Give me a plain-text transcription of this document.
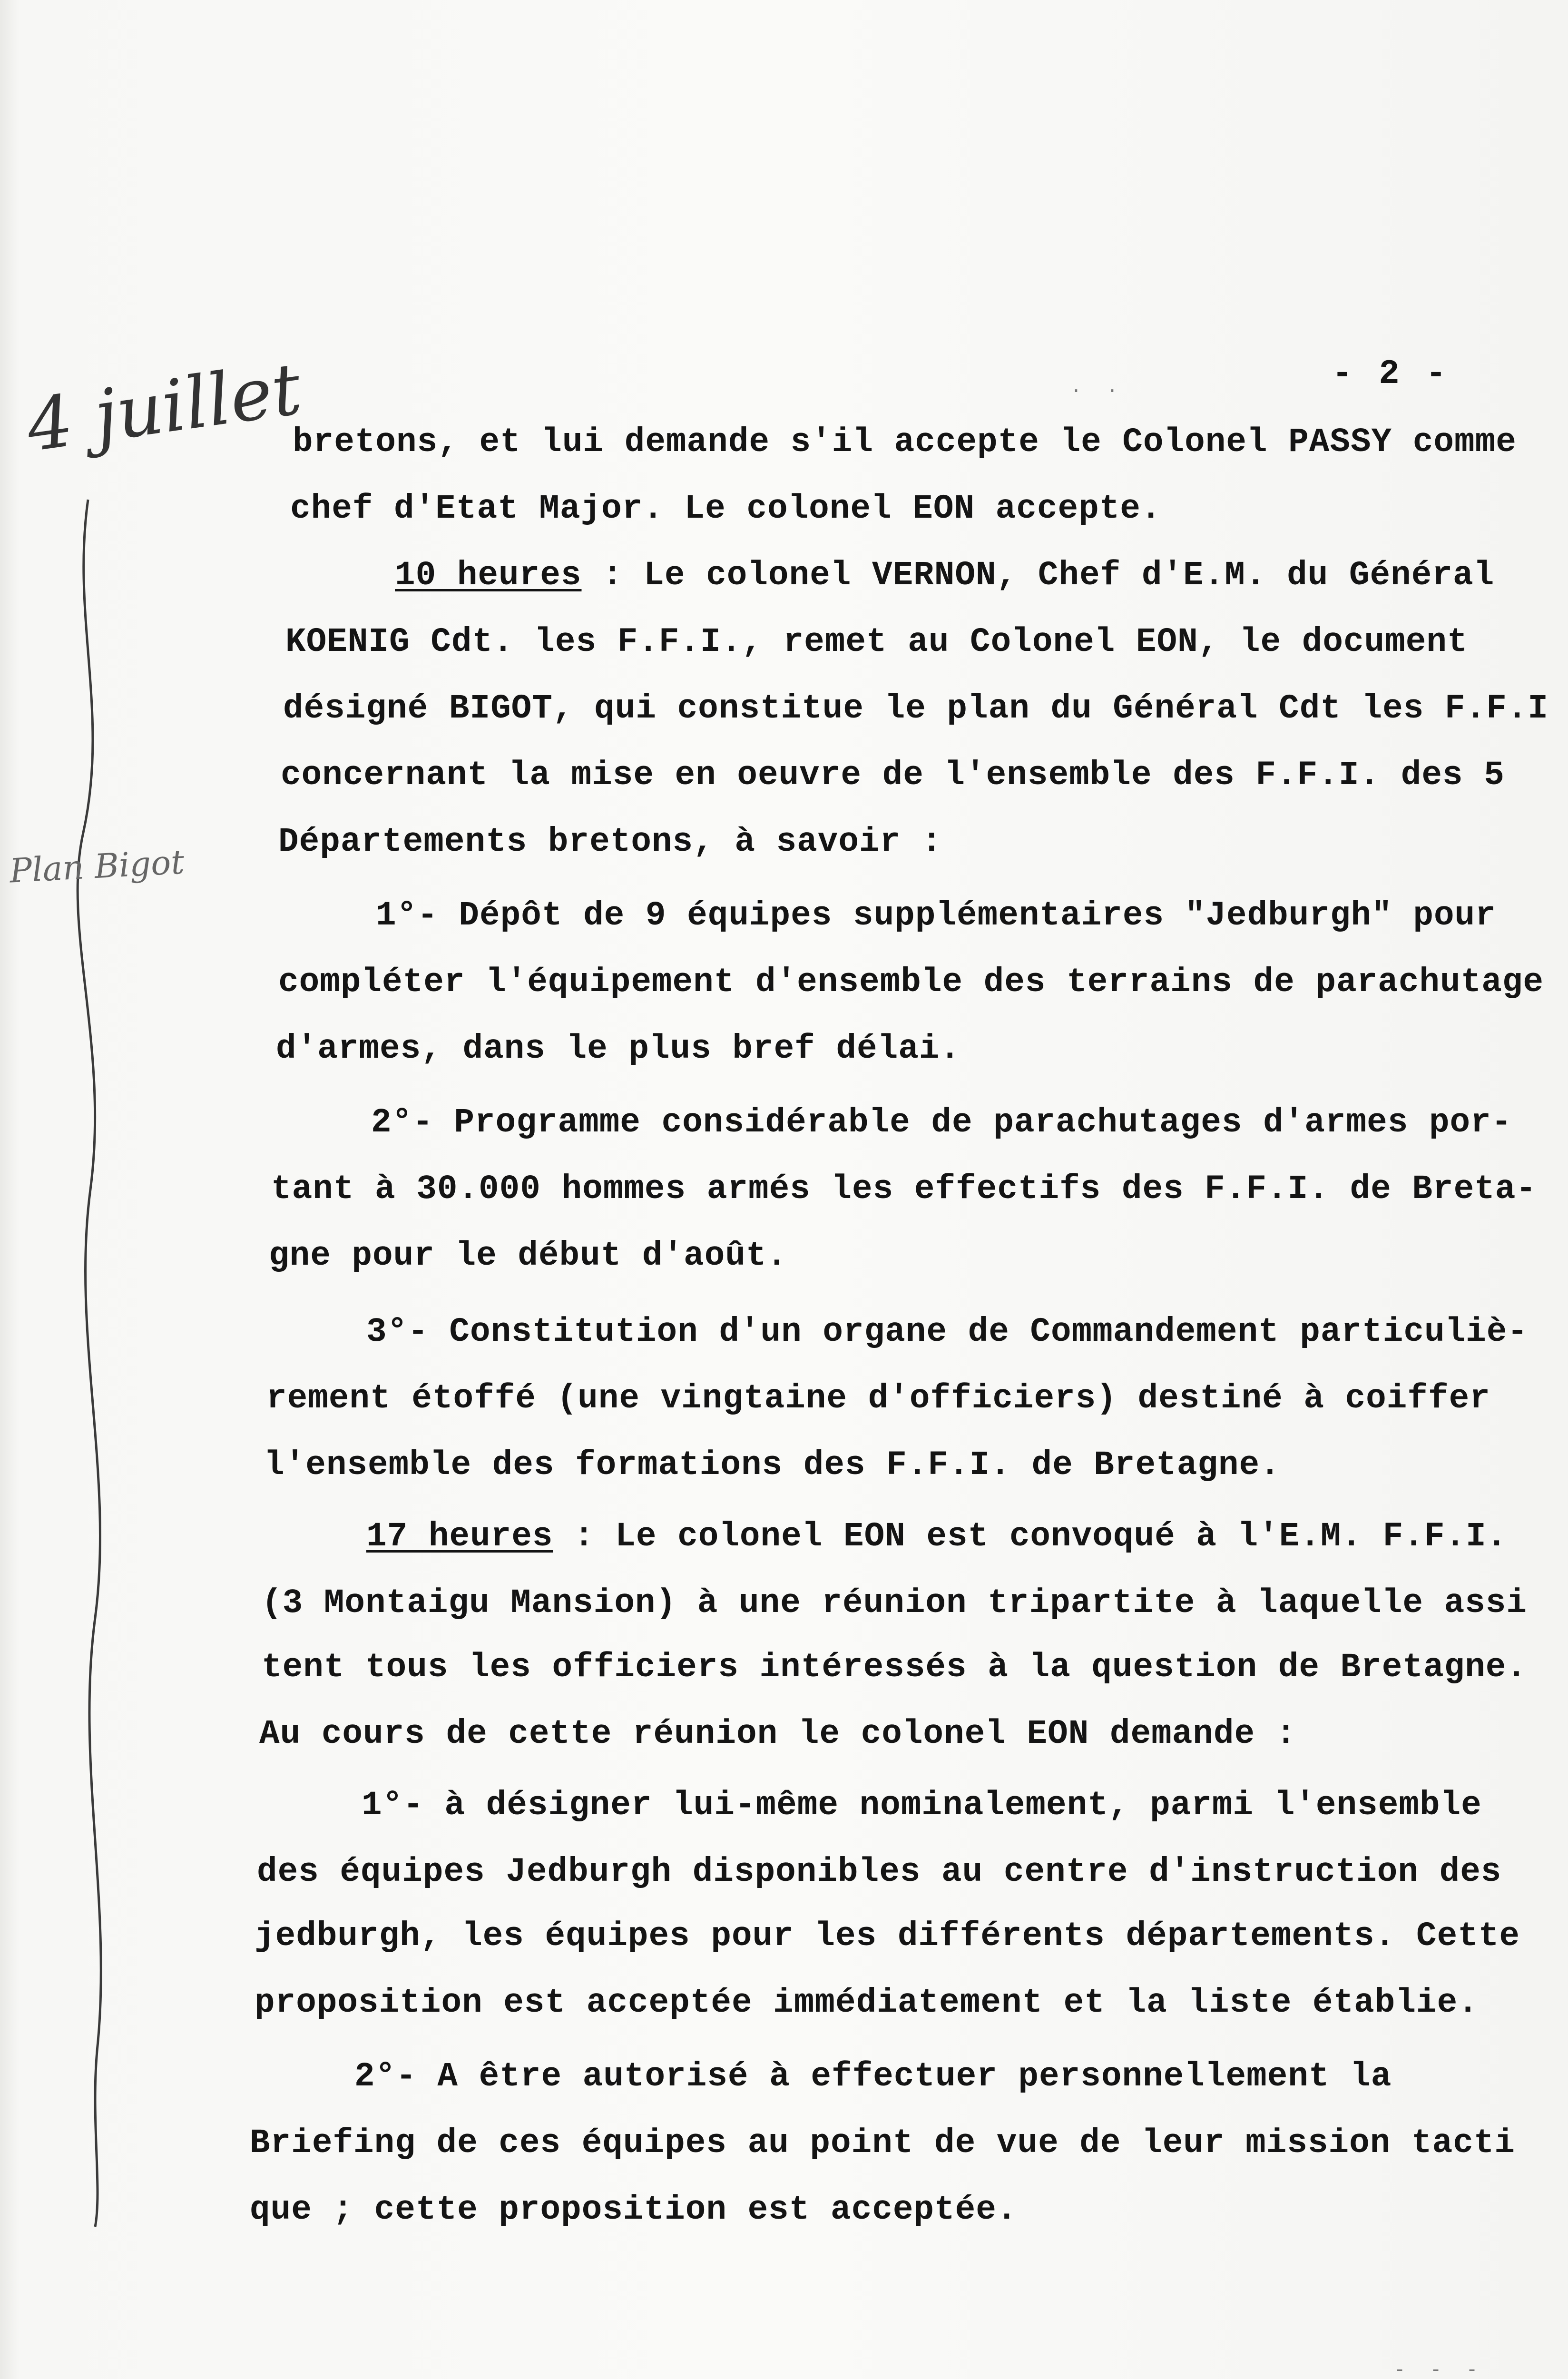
4 juillet
Plan Bigot
- 2 -
· ·
- - -
bretons, et lui demande s'il accepte le Colonel PASSY comme
chef d'Etat Major. Le colonel EON accepte.
10 heures : Le colonel VERNON, Chef d'E.M. du Général
KOENIG Cdt. les F.F.I., remet au Colonel EON, le document
désigné BIGOT, qui constitue le plan du Général Cdt les F.F.I
concernant la mise en oeuvre de l'ensemble des F.F.I. des 5
Départements bretons, à savoir :
1°- Dépôt de 9 équipes supplémentaires "Jedburgh" pour
compléter l'équipement d'ensemble des terrains de parachutage
d'armes, dans le plus bref délai.
2°- Programme considérable de parachutages d'armes por-
tant à 30.000 hommes armés les effectifs des F.F.I. de Breta-
gne pour le début d'août.
3°- Constitution d'un organe de Commandement particuliè-
rement étoffé (une vingtaine d'officiers) destiné à coiffer
l'ensemble des formations des F.F.I. de Bretagne.
17 heures : Le colonel EON est convoqué à l'E.M. F.F.I.
(3 Montaigu Mansion) à une réunion tripartite à laquelle assi
tent tous les officiers intéressés à la question de Bretagne.
Au cours de cette réunion le colonel EON demande :
1°- à désigner lui-même nominalement, parmi l'ensemble
des équipes Jedburgh disponibles au centre d'instruction des
jedburgh, les équipes pour les différents départements. Cette
proposition est acceptée immédiatement et la liste établie.
2°- A être autorisé à effectuer personnellement la
Briefing de ces équipes au point de vue de leur mission tacti
que ; cette proposition est acceptée.
